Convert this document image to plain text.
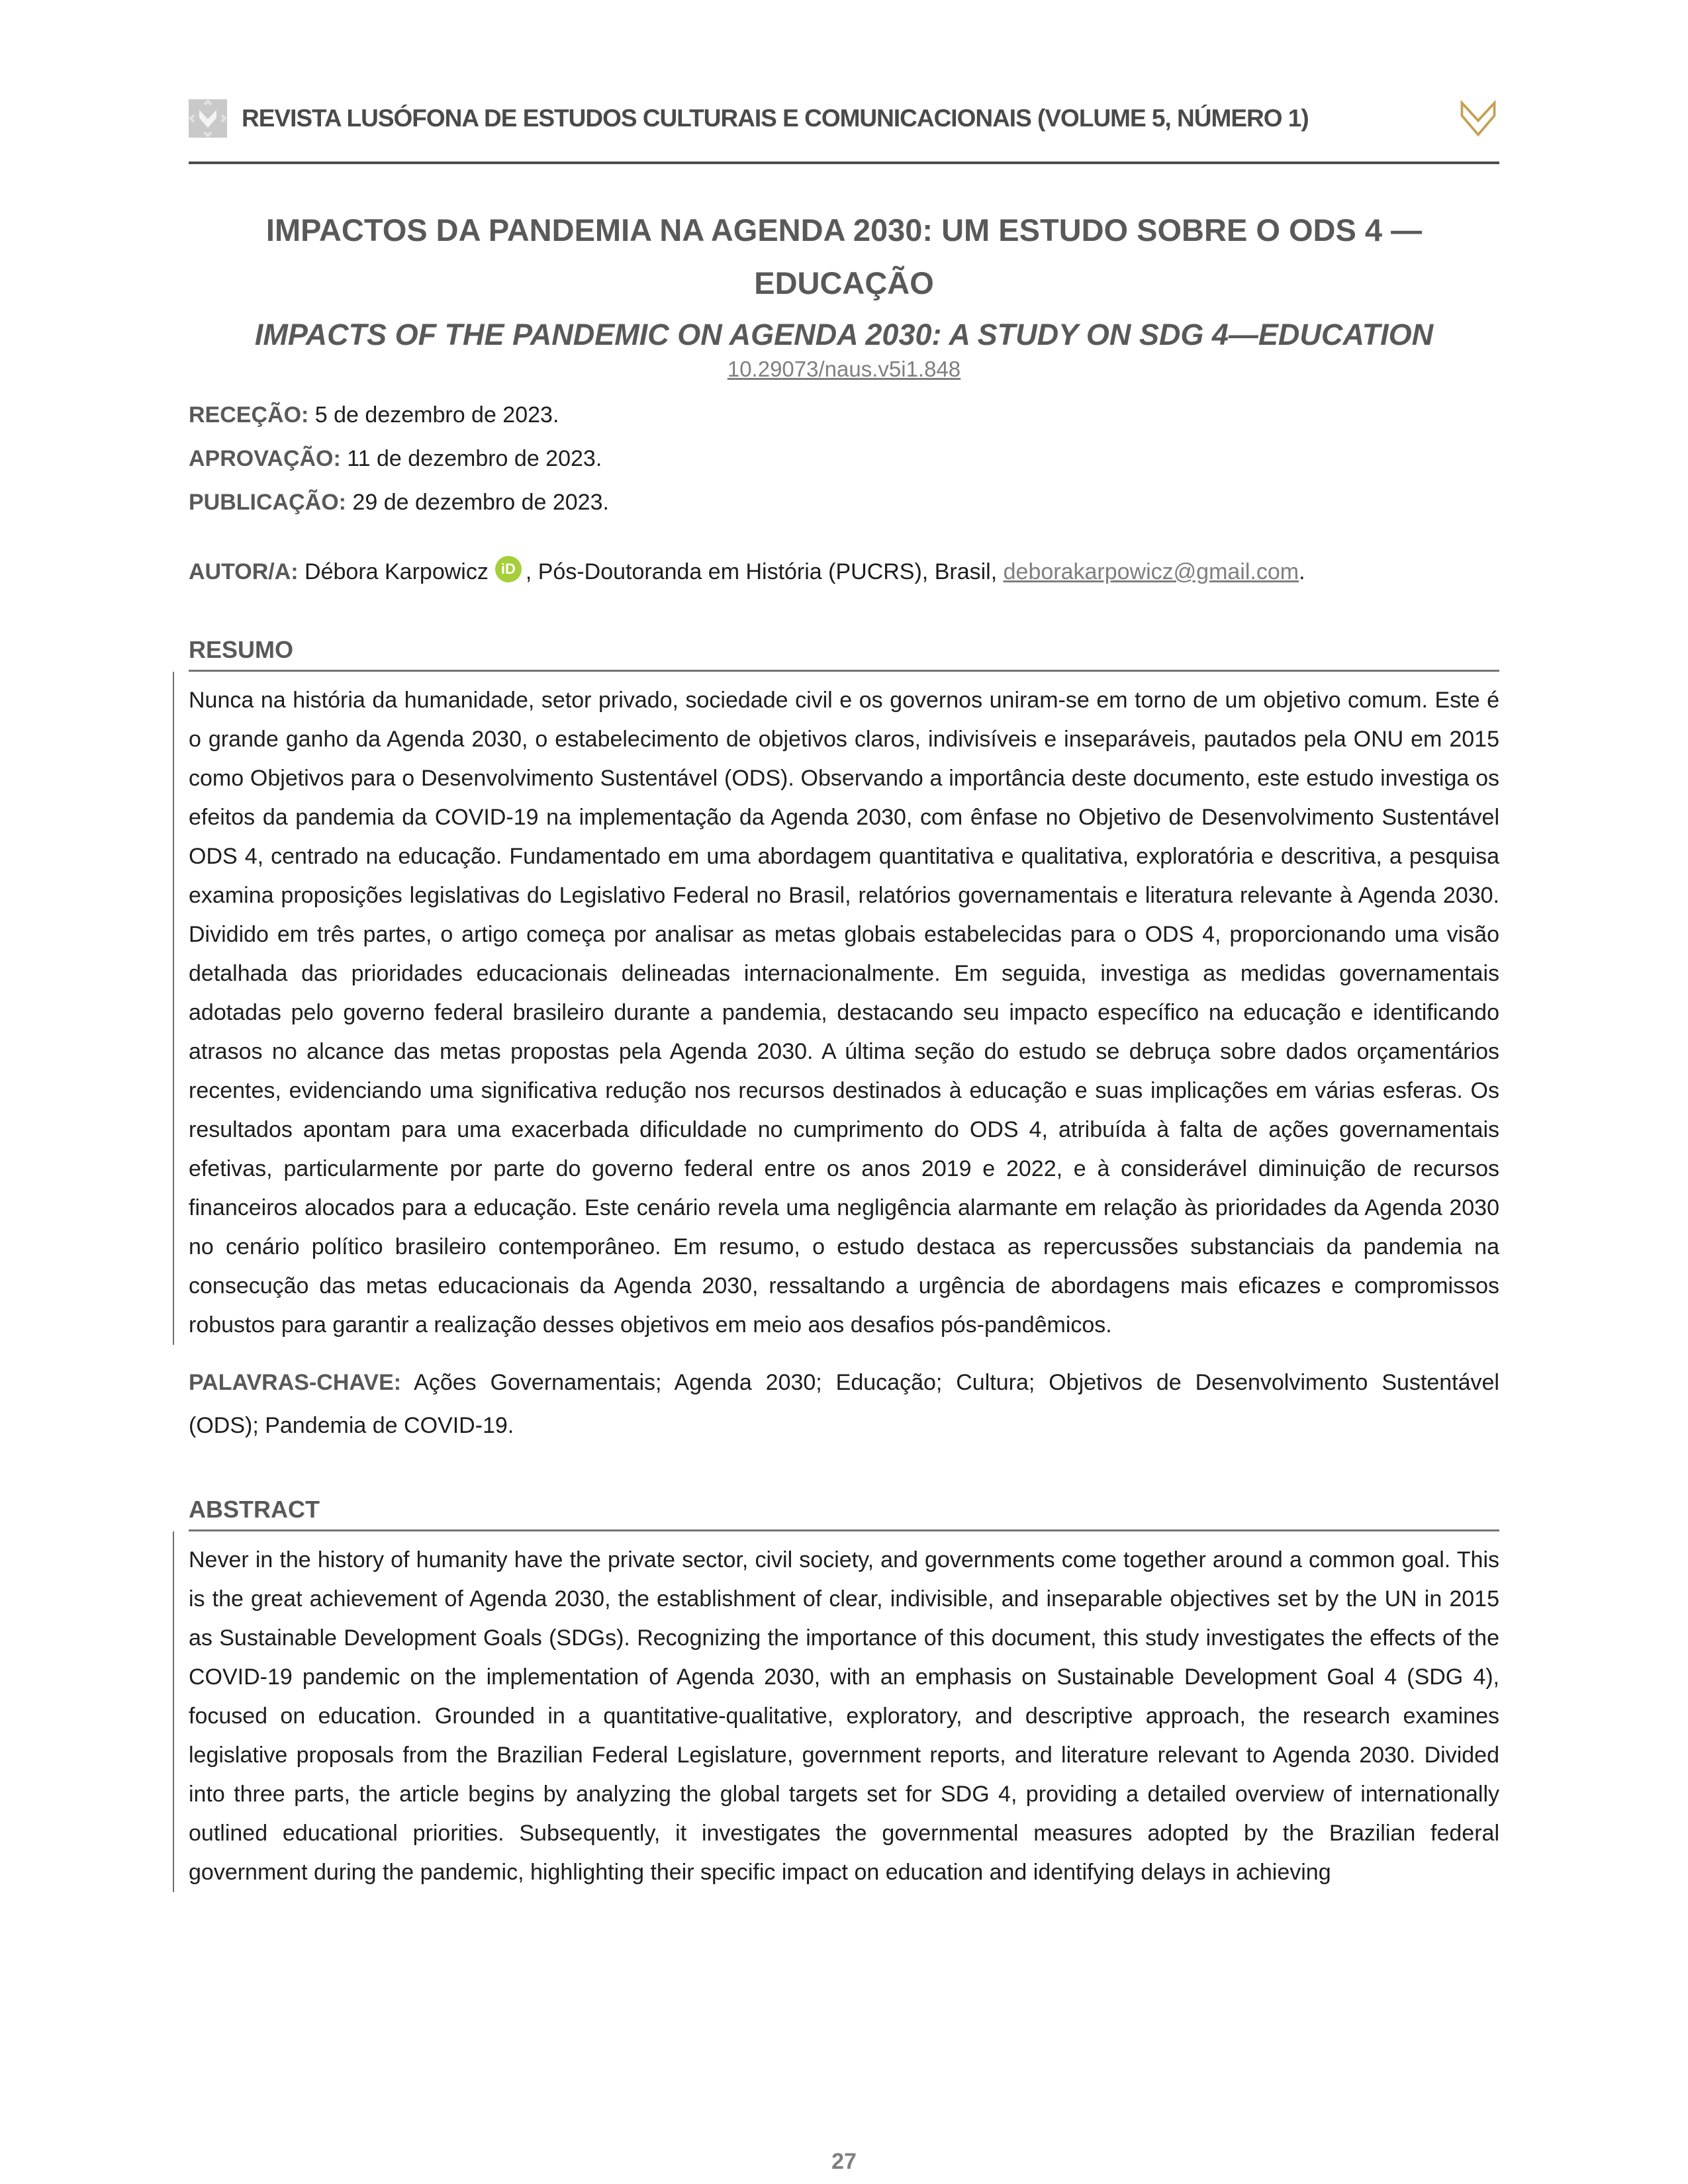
REVISTA LUSÓFONA DE ESTUDOS CULTURAIS E COMUNICACIONAIS (VOLUME 5, NÚMERO 1)
IMPACTOS DA PANDEMIA NA AGENDA 2030: UM ESTUDO SOBRE O ODS 4 — EDUCAÇÃO
IMPACTS OF THE PANDEMIC ON AGENDA 2030: A STUDY ON SDG 4—EDUCATION
10.29073/naus.v5i1.848
RECEÇÃO: 5 de dezembro de 2023.
APROVAÇÃO: 11 de dezembro de 2023.
PUBLICAÇÃO: 29 de dezembro de 2023.

AUTOR/A: Débora Karpowicz iD , Pós-Doutoranda em História (PUCRS), Brasil, deborakarpowicz@gmail.com.

RESUMO

Nunca na história da humanidade, setor privado, sociedade civil e os governos uniram-se em torno de um objetivo comum. Este é o grande ganho da Agenda 2030, o estabelecimento de objetivos claros, indivisíveis e inseparáveis, pautados pela ONU em 2015 como Objetivos para o Desenvolvimento Sustentável (ODS). Observando a importância deste documento, este estudo investiga os efeitos da pandemia da COVID-19 na implementação da Agenda 2030, com ênfase no Objetivo de Desenvolvimento Sustentável ODS 4, centrado na educação. Fundamentado em uma abordagem quantitativa e qualitativa, exploratória e descritiva, a pesquisa examina proposições legislativas do Legislativo Federal no Brasil, relatórios governamentais e literatura relevante à Agenda 2030. Dividido em três partes, o artigo começa por analisar as metas globais estabelecidas para o ODS 4, proporcionando uma visão detalhada das prioridades educacionais delineadas internacionalmente. Em seguida, investiga as medidas governamentais adotadas pelo governo federal brasileiro durante a pandemia, destacando seu impacto específico na educação e identificando atrasos no alcance das metas propostas pela Agenda 2030. A última seção do estudo se debruça sobre dados orçamentários recentes, evidenciando uma significativa redução nos recursos destinados à educação e suas implicações em várias esferas. Os resultados apontam para uma exacerbada dificuldade no cumprimento do ODS 4, atribuída à falta de ações governamentais efetivas, particularmente por parte do governo federal entre os anos 2019 e 2022, e à considerável diminuição de recursos financeiros alocados para a educação. Este cenário revela uma negligência alarmante em relação às prioridades da Agenda 2030 no cenário político brasileiro contemporâneo. Em resumo, o estudo destaca as repercussões substanciais da pandemia na consecução das metas educacionais da Agenda 2030, ressaltando a urgência de abordagens mais eficazes e compromissos robustos para garantir a realização desses objetivos em meio aos desafios pós-pandêmicos.

PALAVRAS-CHAVE: Ações Governamentais; Agenda 2030; Educação; Cultura; Objetivos de Desenvolvimento Sustentável (ODS); Pandemia de COVID-19.

ABSTRACT

Never in the history of humanity have the private sector, civil society, and governments come together around a common goal. This is the great achievement of Agenda 2030, the establishment of clear, indivisible, and inseparable objectives set by the UN in 2015 as Sustainable Development Goals (SDGs). Recognizing the importance of this document, this study investigates the effects of the COVID-19 pandemic on the implementation of Agenda 2030, with an emphasis on Sustainable Development Goal 4 (SDG 4), focused on education. Grounded in a quantitative-qualitative, exploratory, and descriptive approach, the research examines legislative proposals from the Brazilian Federal Legislature, government reports, and literature relevant to Agenda 2030. Divided into three parts, the article begins by analyzing the global targets set for SDG 4, providing a detailed overview of internationally outlined educational priorities. Subsequently, it investigates the governmental measures adopted by the Brazilian federal government during the pandemic, highlighting their specific impact on education and identifying delays in achieving

27
